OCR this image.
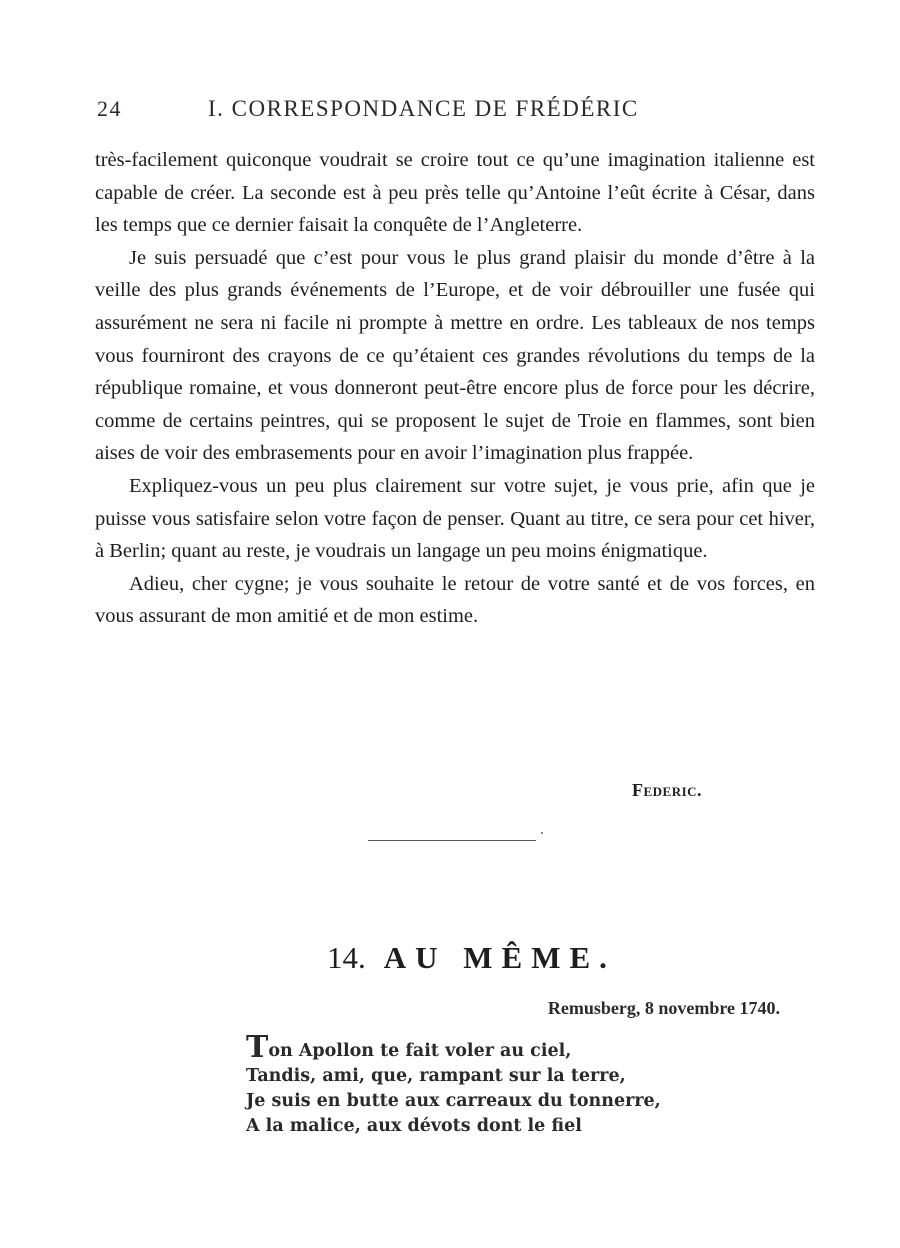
24	I. CORRESPONDANCE DE FRÉDÉRIC

très-facilement quiconque voudrait se croire tout ce qu’une imagination italienne est capable de créer. La seconde est à peu près telle qu’Antoine l’eût écrite à César, dans les temps que ce dernier faisait la conquête de l’Angleterre.

Je suis persuadé que c’est pour vous le plus grand plaisir du monde d’être à la veille des plus grands événements de l’Europe, et de voir débrouiller une fusée qui assurément ne sera ni facile ni prompte à mettre en ordre. Les tableaux de nos temps vous fourniront des crayons de ce qu’étaient ces grandes révolutions du temps de la république romaine, et vous donneront peut-être encore plus de force pour les décrire, comme de certains peintres, qui se proposent le sujet de Troie en flammes, sont bien aises de voir des embrasements pour en avoir l’imagination plus frappée.

Expliquez-vous un peu plus clairement sur votre sujet, je vous prie, afin que je puisse vous satisfaire selon votre façon de penser. Quant au titre, ce sera pour cet hiver, à Berlin; quant au reste, je voudrais un langage un peu moins énigmatique.

Adieu, cher cygne; je vous souhaite le retour de votre santé et de vos forces, en vous assurant de mon amitié et de mon estime.

Federic.
14. AU MÊME.
Remusberg, 8 novembre 1740.
Ton Apollon te fait voler au ciel,
Tandis, ami, que, rampant sur la terre,
Je suis en butte aux carreaux du tonnerre,
A la malice, aux dévots dont le fiel
